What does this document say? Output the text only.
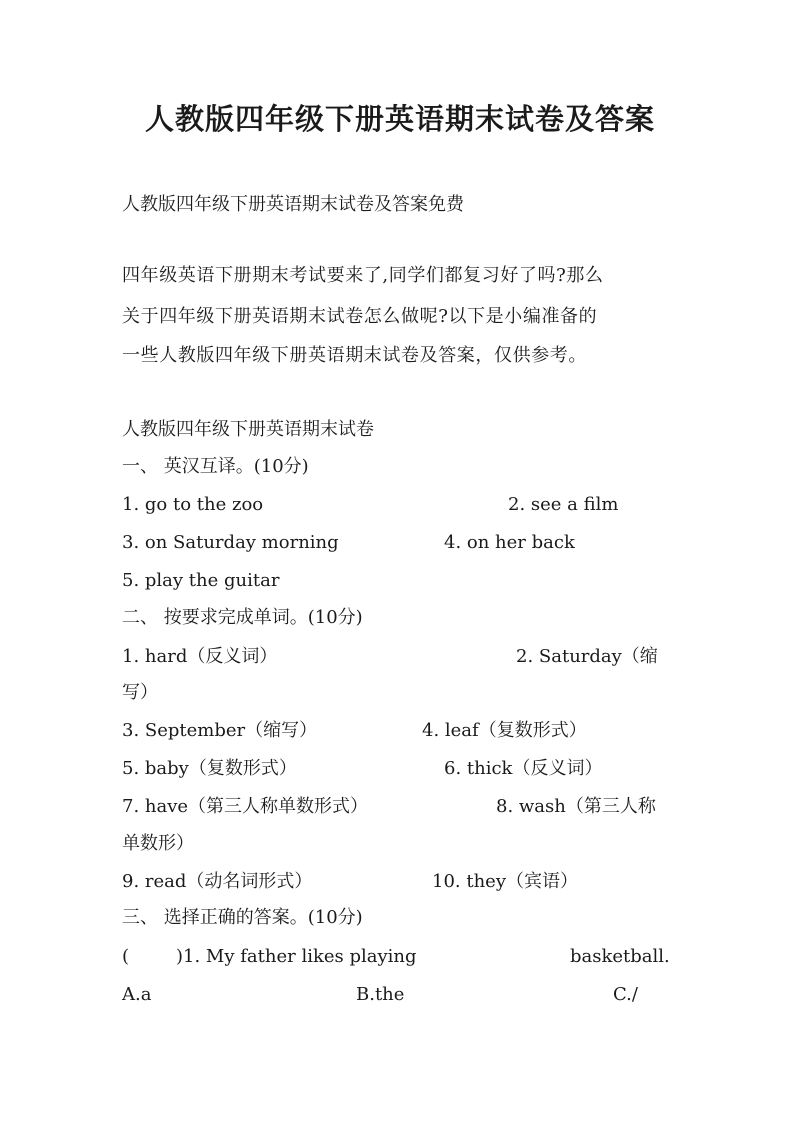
人教版四年级下册英语期末试卷及答案
人教版四年级下册英语期末试卷及答案免费
四年级英语下册期末考试要来了,同学们都复习好了吗?那么
关于四年级下册英语期末试卷怎么做呢?以下是小编准备的
一些人教版四年级下册英语期末试卷及答案，仅供参考。
人教版四年级下册英语期末试卷
一、 英汉互译。(10分)
1. go to the zoo	2. see a film
3. on Saturday morning	4. on her back
5. play the guitar
二、 按要求完成单词。(10分)
1. hard（反义词）	2. Saturday（缩
写）
3. September（缩写）	4. leaf（复数形式）
5. baby（复数形式）	6. thick（反义词）
7. have（第三人称单数形式）	8. wash（第三人称
单数形）
9. read（动名词形式）	10. they（宾语）
三、 选择正确的答案。(10分)
(	)1. My father likes playing	basketball.
A.a	B.the	C./
